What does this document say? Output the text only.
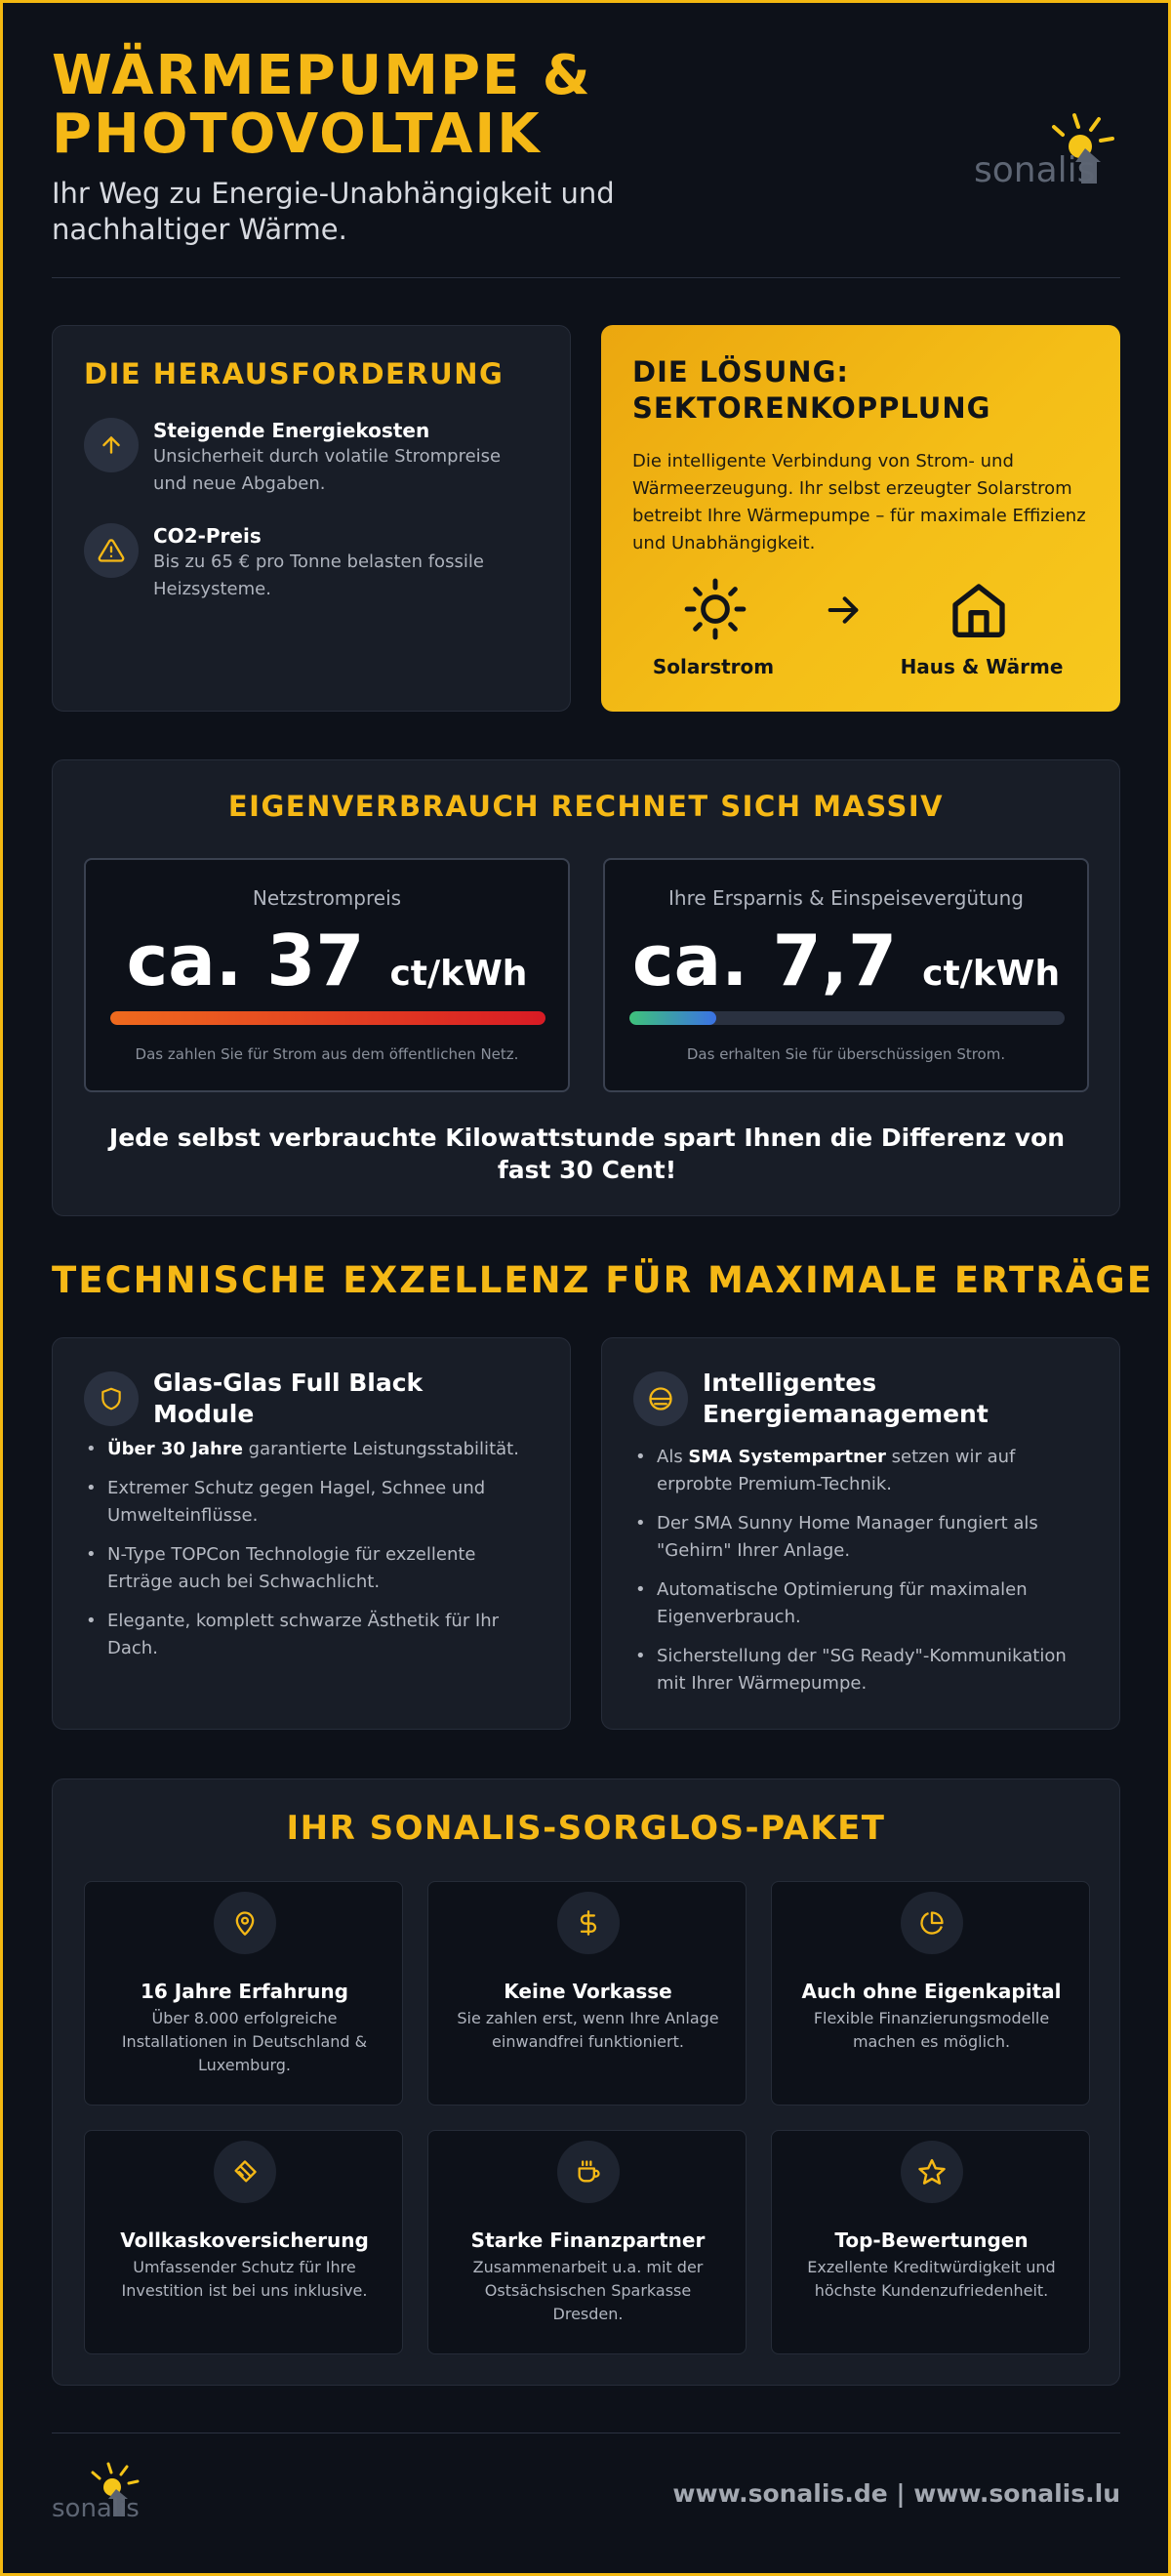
WÄRMEPUMPE & PHOTOVOLTAIK
Ihr Weg zu Energie-Unabhängigkeit und nachhaltiger Wärme.
sonalis
DIE HERAUSFORDERUNG
Steigende Energiekosten
Unsicherheit durch volatile Strompreise und neue Abgaben.
CO2-Preis
Bis zu 65 € pro Tonne belasten fossile Heizsysteme.
DIE LÖSUNG: SEKTORENKOPPLUNG
Die intelligente Verbindung von Strom- und Wärmeerzeugung. Ihr selbst erzeugter Solarstrom betreibt Ihre Wärmepumpe – für maximale Effizienz und Unabhängigkeit.
Solarstrom	Haus & Wärme
EIGENVERBRAUCH RECHNET SICH MASSIV
Netzstrompreis
ca. 37 ct/kWh
Das zahlen Sie für Strom aus dem öffentlichen Netz.
Ihre Ersparnis & Einspeisevergütung
ca. 7,7 ct/kWh
Das erhalten Sie für überschüssigen Strom.
Jede selbst verbrauchte Kilowattstunde spart Ihnen die Differenz von fast 30 Cent!
TECHNISCHE EXZELLENZ FÜR MAXIMALE ERTRÄGE
Glas-Glas Full Black Module
• Über 30 Jahre garantierte Leistungsstabilität.
• Extremer Schutz gegen Hagel, Schnee und Umwelteinflüsse.
• N-Type TOPCon Technologie für exzellente Erträge auch bei Schwachlicht.
• Elegante, komplett schwarze Ästhetik für Ihr Dach.
Intelligentes Energiemanagement
• Als SMA Systempartner setzen wir auf erprobte Premium-Technik.
• Der SMA Sunny Home Manager fungiert als "Gehirn" Ihrer Anlage.
• Automatische Optimierung für maximalen Eigenverbrauch.
• Sicherstellung der "SG Ready"-Kommunikation mit Ihrer Wärmepumpe.
IHR SONALIS-SORGLOS-PAKET
16 Jahre Erfahrung
Über 8.000 erfolgreiche Installationen in Deutschland & Luxemburg.
Keine Vorkasse
Sie zahlen erst, wenn Ihre Anlage einwandfrei funktioniert.
Auch ohne Eigenkapital
Flexible Finanzierungsmodelle machen es möglich.
Vollkaskoversicherung
Umfassender Schutz für Ihre Investition ist bei uns inklusive.
Starke Finanzpartner
Zusammenarbeit u.a. mit der Ostsächsischen Sparkasse Dresden.
Top-Bewertungen
Exzellente Kreditwürdigkeit und höchste Kundenzufriedenheit.
sonalis
www.sonalis.de | www.sonalis.lu
